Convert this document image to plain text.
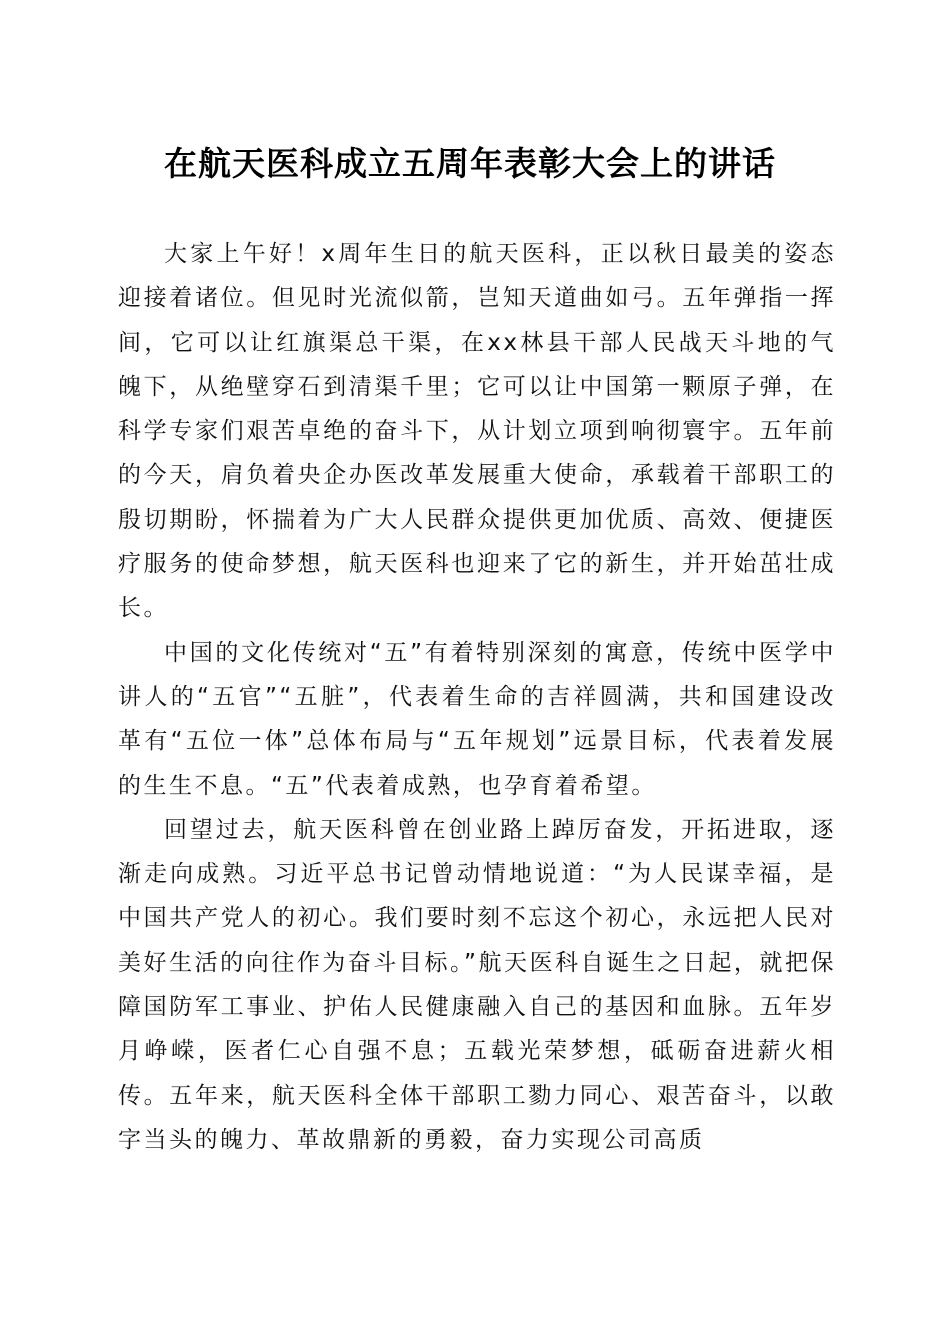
在航天医科成立五周年表彰大会上的讲话

大家上午好！x周年生日的航天医科，正以秋日最美的姿态迎接着诸位。但见时光流似箭，岂知天道曲如弓。五年弹指一挥间，它可以让红旗渠总干渠，在xx林县干部人民战天斗地的气魄下，从绝壁穿石到清渠千里；它可以让中国第一颗原子弹，在科学专家们艰苦卓绝的奋斗下，从计划立项到响彻寰宇。五年前的今天，肩负着央企办医改革发展重大使命，承载着干部职工的殷切期盼，怀揣着为广大人民群众提供更加优质、高效、便捷医疗服务的使命梦想，航天医科也迎来了它的新生，并开始茁壮成长。

中国的文化传统对“五”有着特别深刻的寓意，传统中医学中讲人的“五官”“五脏”，代表着生命的吉祥圆满，共和国建设改革有“五位一体”总体布局与“五年规划”远景目标，代表着发展的生生不息。“五”代表着成熟，也孕育着希望。

回望过去，航天医科曾在创业路上踔厉奋发，开拓进取，逐渐走向成熟。习近平总书记曾动情地说道：“为人民谋幸福，是中国共产党人的初心。我们要时刻不忘这个初心，永远把人民对美好生活的向往作为奋斗目标。”航天医科自诞生之日起，就把保障国防军工事业、护佑人民健康融入自己的基因和血脉。五年岁月峥嵘，医者仁心自强不息；五载光荣梦想，砥砺奋进薪火相传。五年来，航天医科全体干部职工勠力同心、艰苦奋斗，以敢字当头的魄力、革故鼎新的勇毅，奋力实现公司高质
